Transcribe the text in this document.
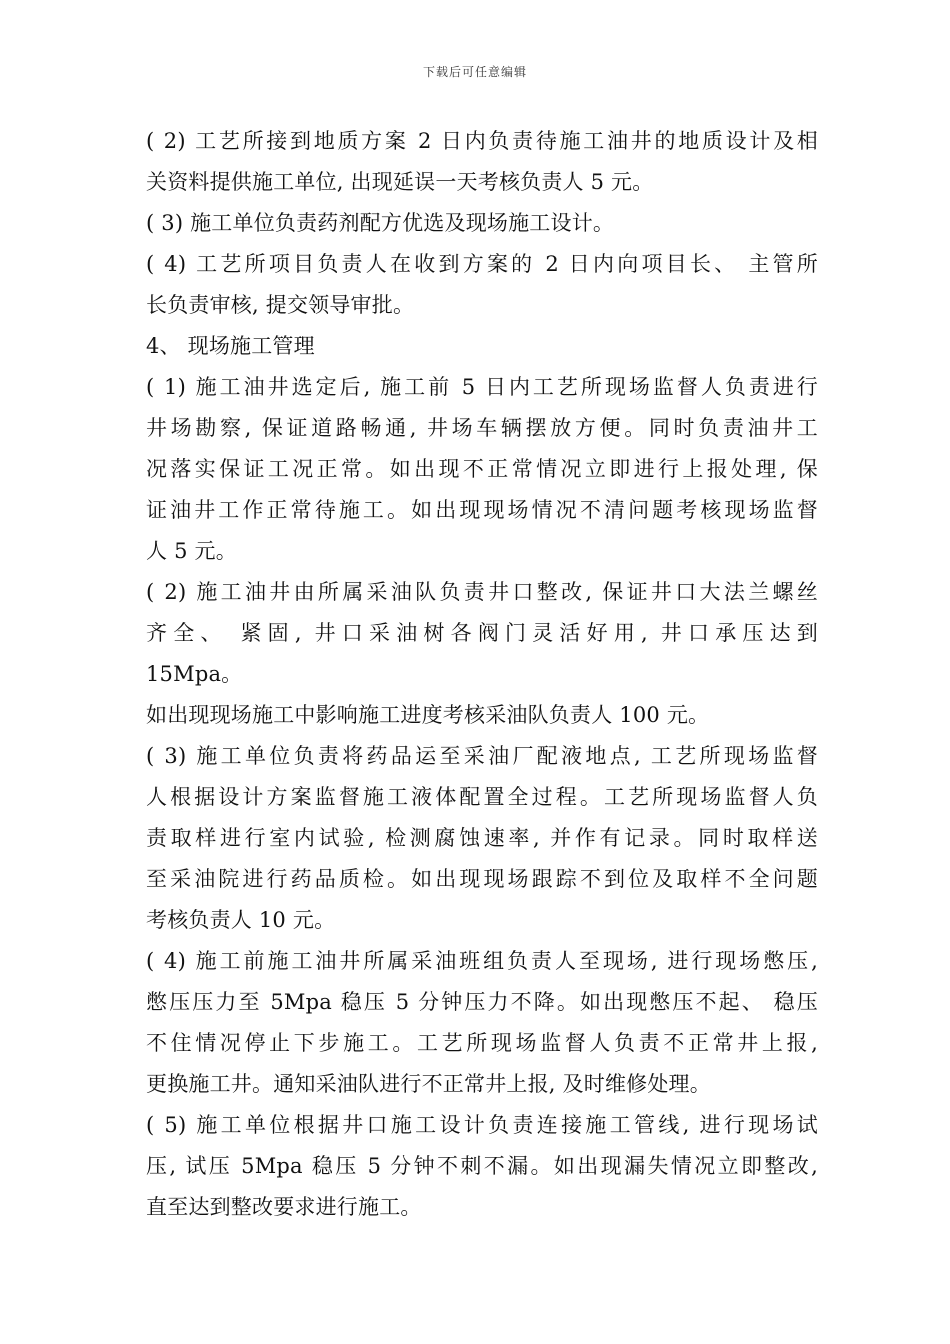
下载后可任意编辑
( 2) 工艺所接到地质方案 2 日内负责待施工油井的地质设计及相
关资料提供施工单位, 出现延误一天考核负责人 5 元。
( 3) 施工单位负责药剂配方优选及现场施工设计。
( 4) 工艺所项目负责人在收到方案的 2 日内向项目长、 主管所
长负责审核, 提交领导审批。
4、 现场施工管理
( 1) 施工油井选定后, 施工前 5 日内工艺所现场监督人负责进行
井场勘察, 保证道路畅通, 井场车辆摆放方便。同时负责油井工
况落实保证工况正常。如出现不正常情况立即进行上报处理, 保
证油井工作正常待施工。如出现现场情况不清问题考核现场监督
人 5 元。
( 2) 施工油井由所属采油队负责井口整改, 保证井口大法兰螺丝
齐全、 紧固, 井口采油树各阀门灵活好用, 井口承压达到
15Mpa。
如出现现场施工中影响施工进度考核采油队负责人 100 元。
( 3) 施工单位负责将药品运至采油厂配液地点, 工艺所现场监督
人根据设计方案监督施工液体配置全过程。工艺所现场监督人负
责取样进行室内试验, 检测腐蚀速率, 并作有记录。同时取样送
至采油院进行药品质检。如出现现场跟踪不到位及取样不全问题
考核负责人 10 元。
( 4) 施工前施工油井所属采油班组负责人至现场, 进行现场憋压,
憋压压力至 5Mpa 稳压 5 分钟压力不降。如出现憋压不起、 稳压
不住情况停止下步施工。工艺所现场监督人负责不正常井上报,
更换施工井。通知采油队进行不正常井上报, 及时维修处理。
( 5) 施工单位根据井口施工设计负责连接施工管线, 进行现场试
压, 试压 5Mpa 稳压 5 分钟不刺不漏。如出现漏失情况立即整改,
直至达到整改要求进行施工。
